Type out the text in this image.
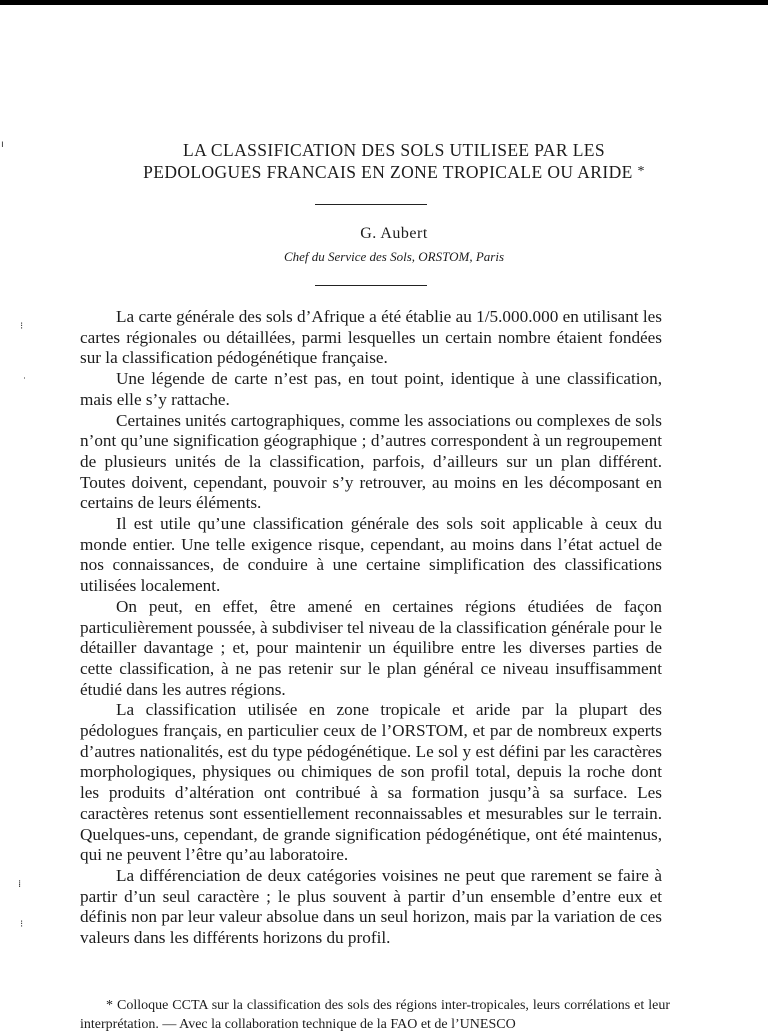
LA CLASSIFICATION DES SOLS UTILISEE PAR LES
PEDOLOGUES FRANCAIS EN ZONE TROPICALE OU ARIDE *
G. Aubert
Chef du Service des Sols, ORSTOM, Paris

La carte générale des sols d’Afrique a été établie au 1/5.000.000 en utilisant les cartes régionales ou détaillées, parmi lesquelles un certain nombre étaient fondées sur la classification pédogénétique française.

Une légende de carte n’est pas, en tout point, identique à une classification, mais elle s’y rattache.

Certaines unités cartographiques, comme les associations ou complexes de sols n’ont qu’une signification géographique ; d’autres correspondent à un regroupement de plusieurs unités de la classification, parfois, d’ailleurs sur un plan différent. Toutes doivent, cependant, pouvoir s’y retrouver, au moins en les décomposant en certains de leurs éléments.

Il est utile qu’une classification générale des sols soit applicable à ceux du monde entier. Une telle exigence risque, cependant, au moins dans l’état actuel de nos connaissances, de conduire à une certaine simplification des classifications utilisées localement.

On peut, en effet, être amené en certaines régions étudiées de façon particulièrement poussée, à subdiviser tel niveau de la classification générale pour le détailler davantage ; et, pour maintenir un équilibre entre les diverses parties de cette classification, à ne pas retenir sur le plan général ce niveau insuffisamment étudié dans les autres régions.

La classification utilisée en zone tropicale et aride par la plupart des pédologues français, en particulier ceux de l’ORSTOM, et par de nombreux experts d’autres nationalités, est du type pédogénétique. Le sol y est défini par les caractères morphologiques, physiques ou chimiques de son profil total, depuis la roche dont les produits d’altération ont contribué à sa formation jusqu’à sa surface. Les caractères retenus sont essentiellement reconnaissables et mesurables sur le terrain. Quelques-uns, cependant, de grande signification pédogénétique, ont été maintenus, qui ne peuvent l’être qu’au laboratoire.

La différenciation de deux catégories voisines ne peut que rarement se faire à partir d’un seul caractère ; le plus souvent à partir d’un ensemble d’entre eux et définis non par leur valeur absolue dans un seul horizon, mais par la variation de ces valeurs dans les différents horizons du profil.

* Colloque CCTA sur la classification des sols des régions inter-tropicales, leurs corrélations et leur interprétation. — Avec la collaboration technique de la FAO et de l’UNESCO

ı
⁝
˙
⁞
⁝
